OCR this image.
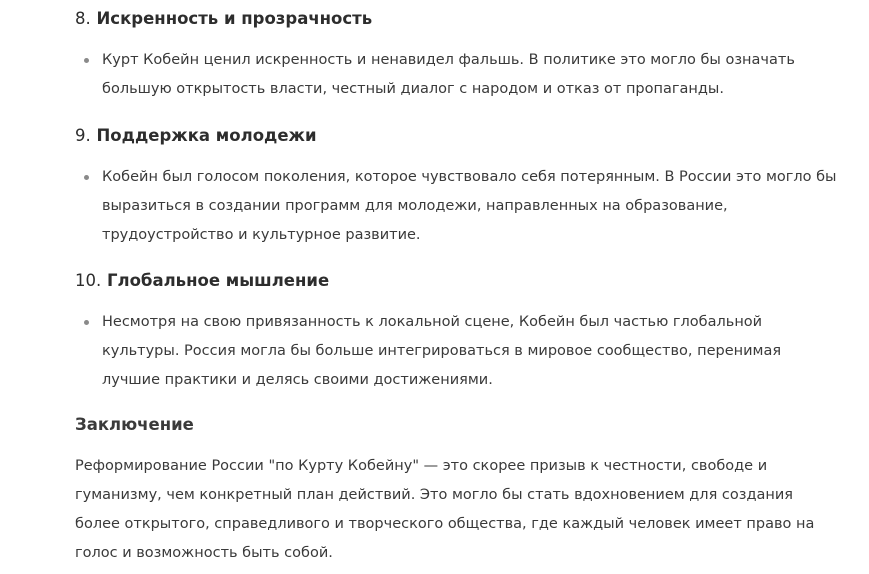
8. Искренность и прозрачность

Курт Кобейн ценил искренность и ненавидел фальшь. В политике это могло бы означать большую открытость власти, честный диалог с народом и отказ от пропаганды.

9. Поддержка молодежи

Кобейн был голосом поколения, которое чувствовало себя потерянным. В России это могло бы выразиться в создании программ для молодежи, направленных на образование, трудоустройство и культурное развитие.

10. Глобальное мышление

Несмотря на свою привязанность к локальной сцене, Кобейн был частью глобальной культуры. Россия могла бы больше интегрироваться в мировое сообщество, перенимая лучшие практики и делясь своими достижениями.

Заключение

Реформирование России "по Курту Кобейну" — это скорее призыв к честности, свободе и гуманизму, чем конкретный план действий. Это могло бы стать вдохновением для создания более открытого, справедливого и творческого общества, где каждый человек имеет право на голос и возможность быть собой.
